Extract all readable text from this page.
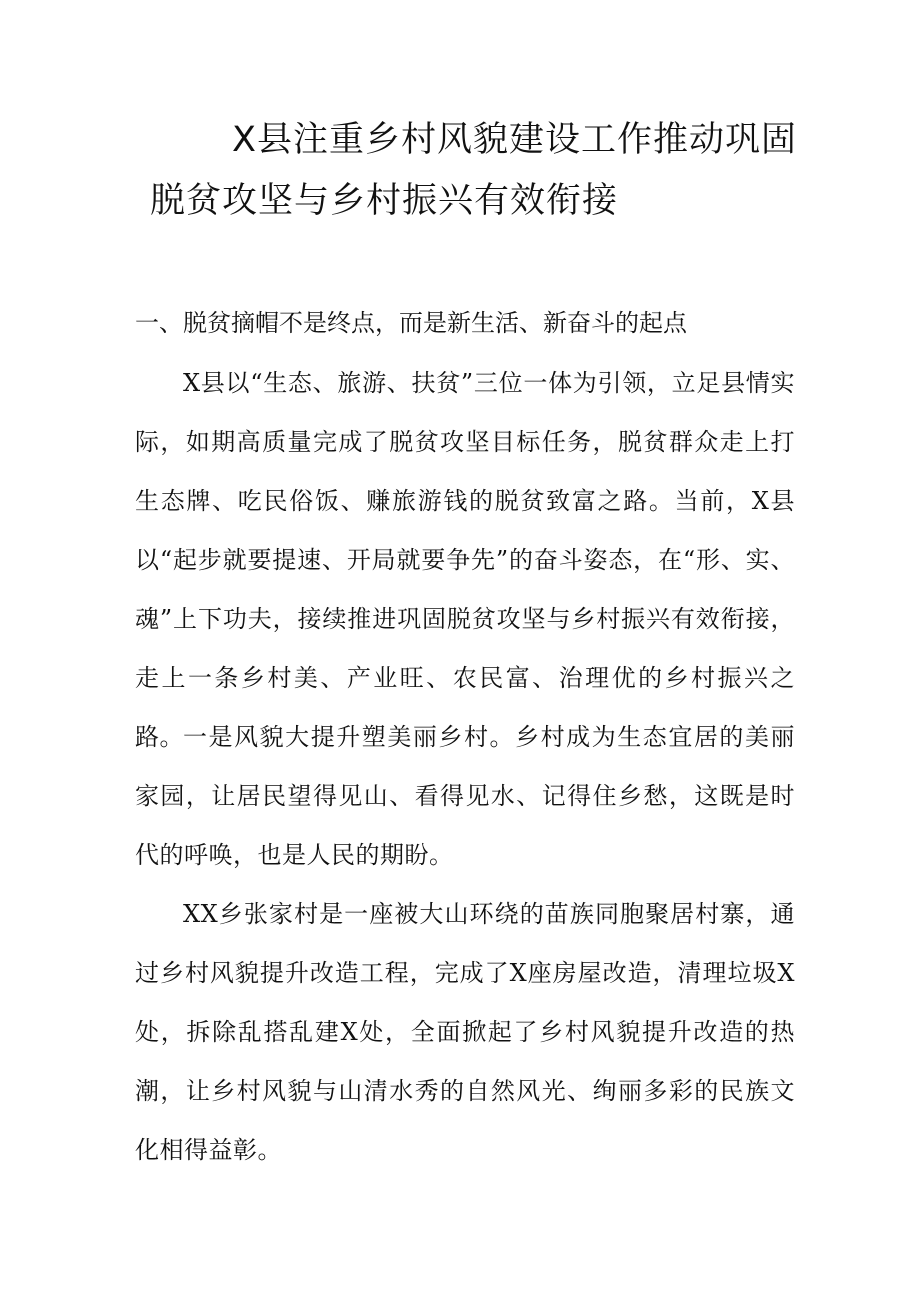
X县注重乡村风貌建设工作推动巩固
脱贫攻坚与乡村振兴有效衔接
一、脱贫摘帽不是终点，而是新生活、新奋斗的起点

X县以“生态、旅游、扶贫”三位一体为引领，立足县情实际，如期高质量完成了脱贫攻坚目标任务，脱贫群众走上打生态牌、吃民俗饭、赚旅游钱的脱贫致富之路。当前，X县以“起步就要提速、开局就要争先”的奋斗姿态，在“形、实、魂”上下功夫，接续推进巩固脱贫攻坚与乡村振兴有效衔接，走上一条乡村美、产业旺、农民富、治理优的乡村振兴之路。 一是风貌大提升塑美丽乡村。乡村成为生态宜居的美丽家园，让居民望得见山、看得见水、记得住乡愁，这既是时代的呼唤，也是人民的期盼。

XX乡张家村是一座被大山环绕的苗族同胞聚居村寨，通过乡村风貌提升改造工程，完成了X座房屋改造，清理垃圾X处，拆除乱搭乱建X处，全面掀起了乡村风貌提升改造的热潮，让乡村风貌与山清水秀的自然风光、绚丽多彩的民族文化相得益彰。
